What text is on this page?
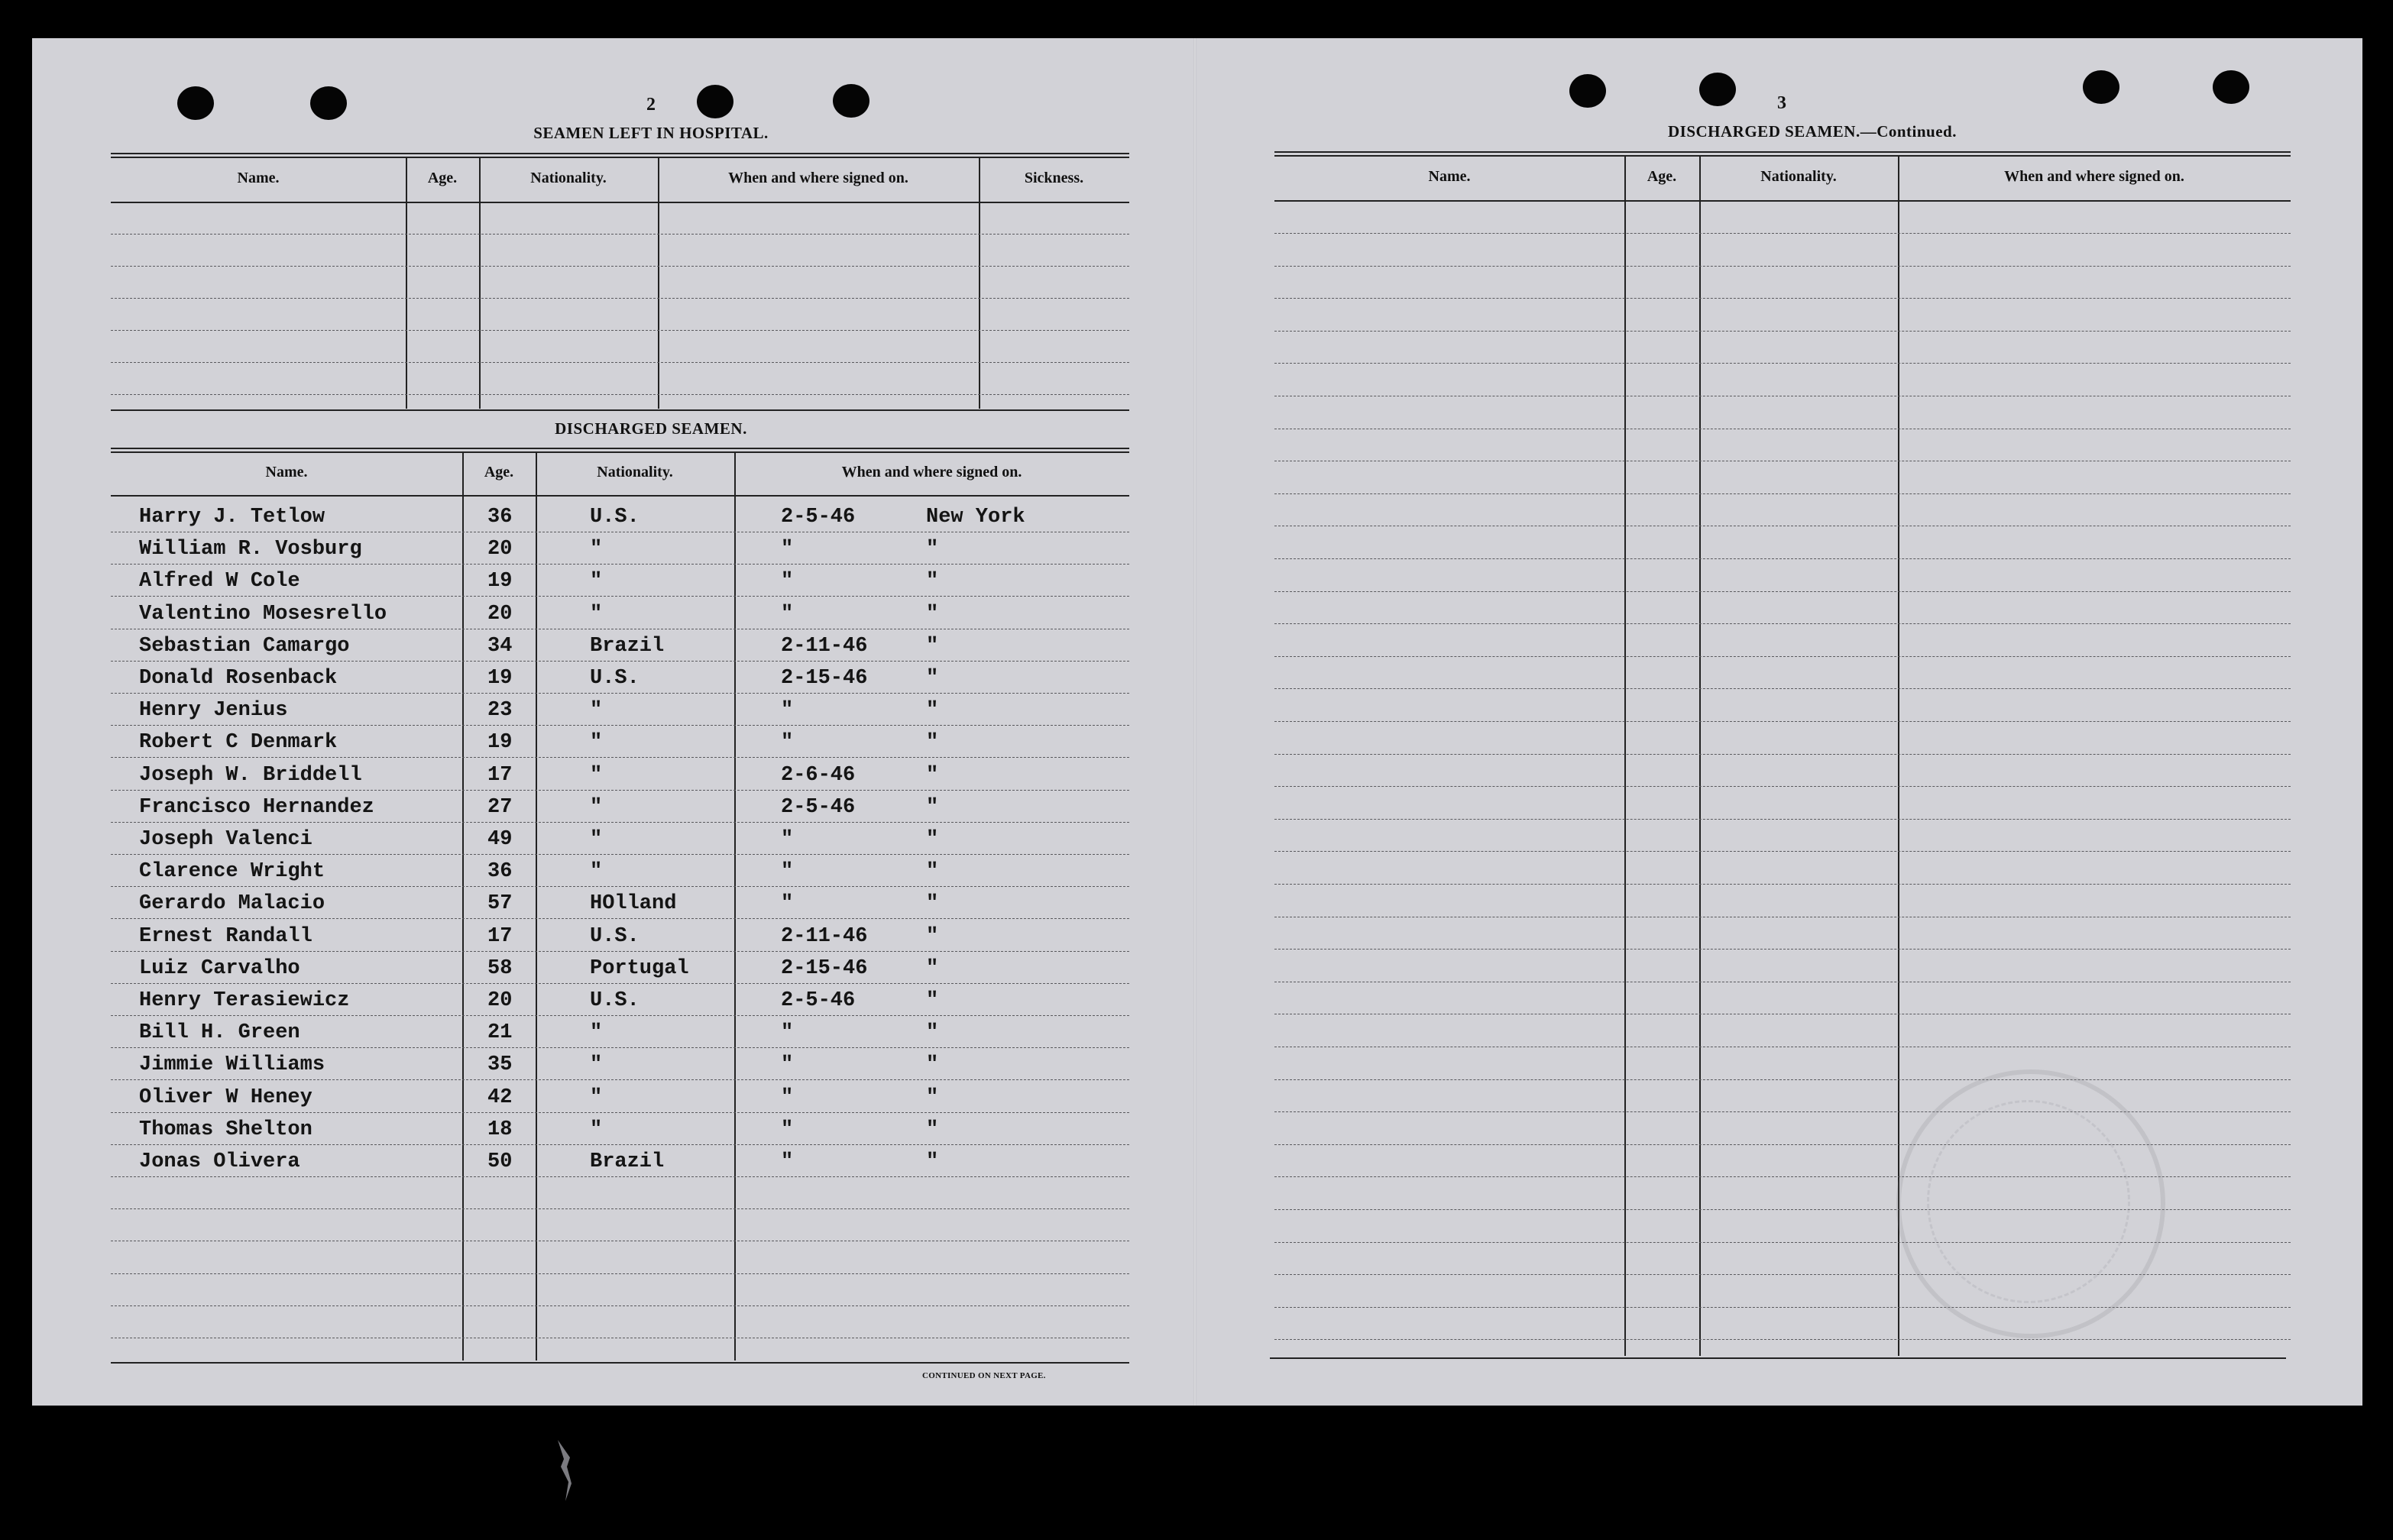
2
SEAMEN LEFT IN HOSPITAL.
Name.	Age.	Nationality.	When and where signed on.	Sickness.
DISCHARGED SEAMEN.
Name.	Age.	Nationality.	When and where signed on.
Harry J. Tetlow	36	U.S.	2-5-46	New York
William R. Vosburg	20	"	"	"
Alfred W Cole	19	"	"	"
Valentino Mosesrello	20	"	"	"
Sebastian Camargo	34	Brazil	2-11-46	"
Donald Rosenback	19	U.S.	2-15-46	"
Henry Jenius	23	"	"	"
Robert C Denmark	19	"	"	"
Joseph W. Briddell	17	"	2-6-46	"
Francisco Hernandez	27	"	2-5-46	"
Joseph Valenci	49	"	"	"
Clarence Wright	36	"	"	"
Gerardo Malacio	57	HOlland	"	"
Ernest Randall	17	U.S.	2-11-46	"
Luiz Carvalho	58	Portugal	2-15-46	"
Henry Terasiewicz	20	U.S.	2-5-46	"
Bill H. Green	21	"	"	"
Jimmie Williams	35	"	"	"
Oliver W Heney	42	"	"	"
Thomas Shelton	18	"	"	"
Jonas Olivera	50	Brazil	"	"
CONTINUED ON NEXT PAGE.
3
DISCHARGED SEAMEN.—Continued.
Name.	Age.	Nationality.	When and where signed on.
